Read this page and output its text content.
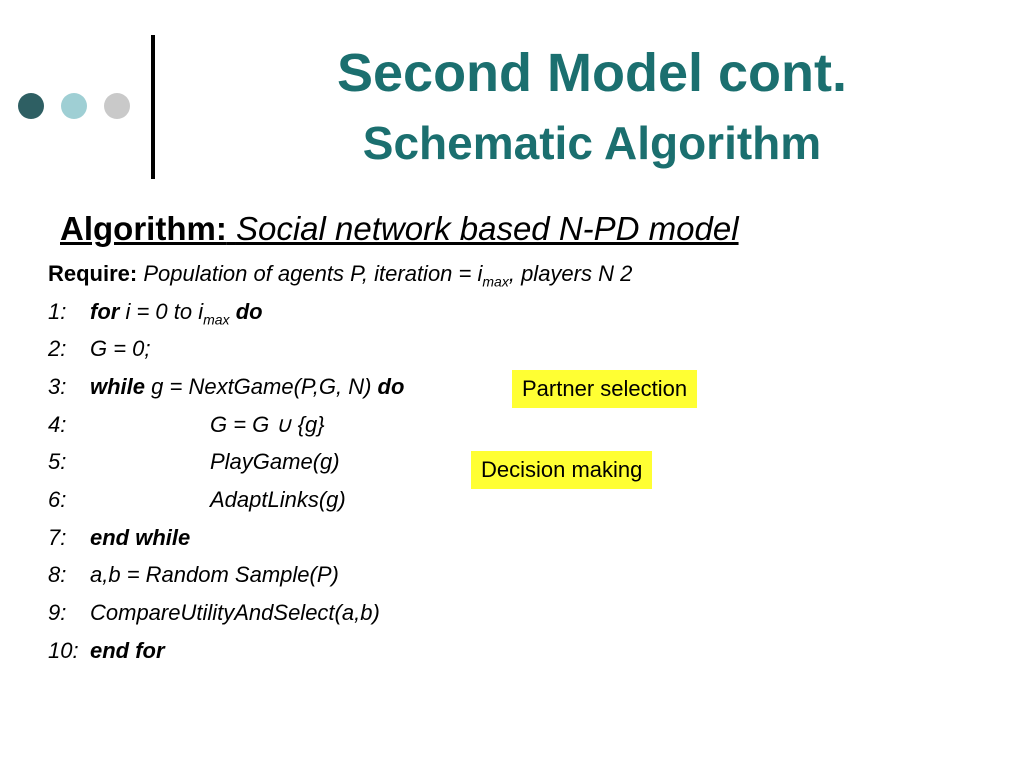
Second Model cont.
Schematic Algorithm
Algorithm: Social network based N-PD model
Require: Population of agents P, iteration = $i_{max}$, players N 2
1: for i = 0 to $i_{max}$ do
2: G = 0;
3: while g = NextGame(P,G, N) do
4:	G = G ∪ {g}
5:	PlayGame(g)
6:	AdaptLinks(g)
7: end while
8: a,b = Random Sample(P)
9: CompareUtilityAndSelect(a,b)
10: end for
Partner selection
Decision making
